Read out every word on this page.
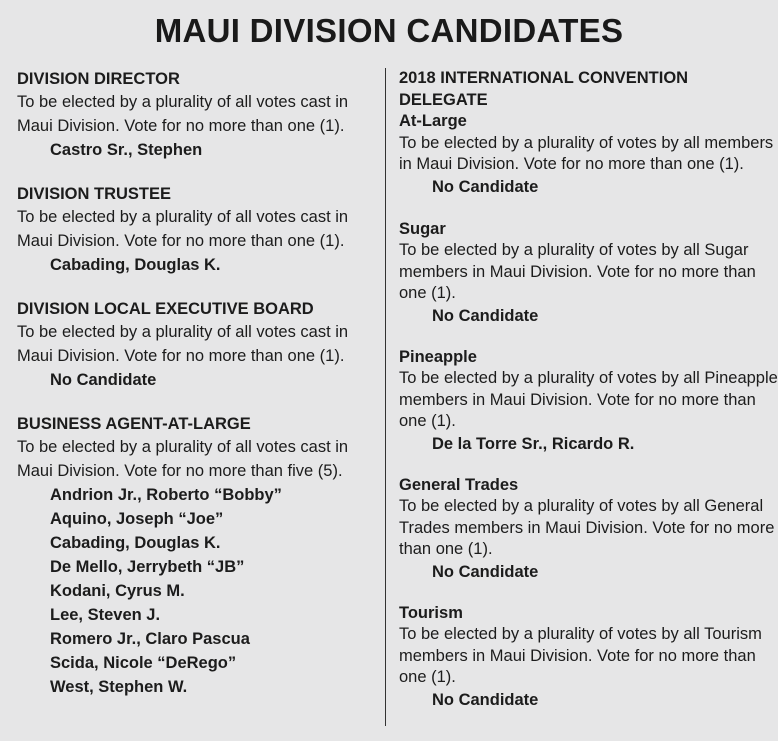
MAUI DIVISION CANDIDATES
DIVISION DIRECTOR
To be elected by a plurality of all votes cast in Maui Division. Vote for no more than one (1).
Castro Sr., Stephen
DIVISION TRUSTEE
To be elected by a plurality of all votes cast in Maui Division. Vote for no more than one (1).
Cabading, Douglas K.
DIVISION LOCAL EXECUTIVE BOARD
To be elected by a plurality of all votes cast in Maui Division. Vote for no more than one (1).
No Candidate
BUSINESS AGENT-AT-LARGE
To be elected by a plurality of all votes cast in Maui Division. Vote for no more than five (5).
Andrion Jr., Roberto “Bobby”
Aquino, Joseph “Joe”
Cabading, Douglas K.
De Mello, Jerrybeth “JB”
Kodani, Cyrus M.
Lee, Steven J.
Romero Jr., Claro Pascua
Scida, Nicole “DeRego”
West, Stephen W.
2018 INTERNATIONAL CONVENTION DELEGATE
At-Large
To be elected by a plurality of votes by all members in Maui Division. Vote for no more than one (1).
No Candidate
Sugar
To be elected by a plurality of votes by all Sugar members in Maui Division. Vote for no more than one (1).
No Candidate
Pineapple
To be elected by a plurality of votes by all Pineapple members in Maui Division. Vote for no more than one (1).
De la Torre Sr., Ricardo R.
General Trades
To be elected by a plurality of votes by all General Trades members in Maui Division. Vote for no more than one (1).
No Candidate
Tourism
To be elected by a plurality of votes by all Tourism members in Maui Division. Vote for no more than one (1).
No Candidate
